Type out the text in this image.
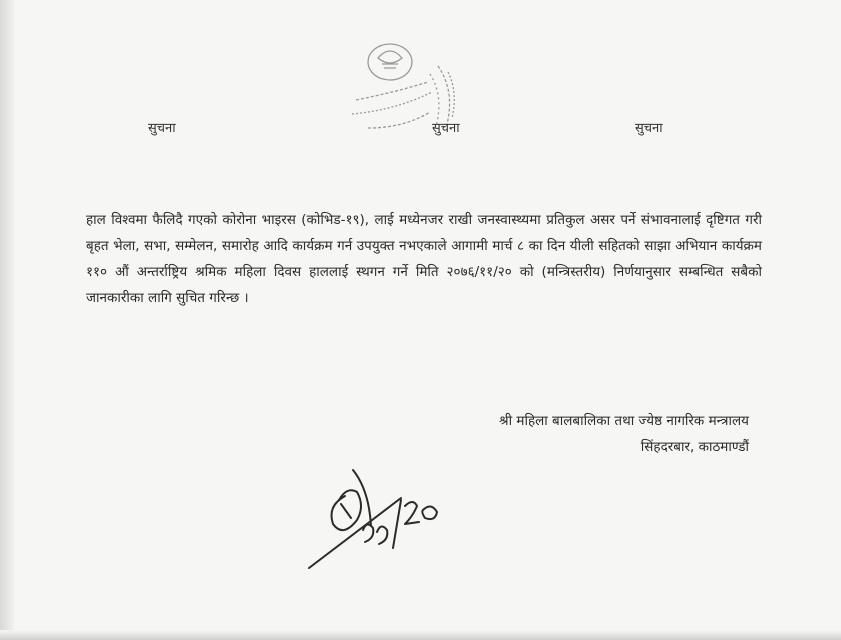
सुचना	सुचना	सुचना

हाल विश्वमा फैलिदै गएको कोरोना भाइरस (कोभिड-१९), लाई मध्येनजर राखी जनस्वास्थ्यमा प्रतिकुल असर पर्ने संभावनालाई दृष्टिगत गरी बृहत भेला, सभा, सम्मेलन, समारोह आदि कार्यक्रम गर्न उपयुक्त नभएकाले आगामी मार्च ८ का दिन यीली सहितको साझा अभियान कार्यक्रम ११० औं अन्तर्राष्ट्रिय श्रमिक महिला दिवस हाललाई स्थगन गर्ने मिति २०७६/११/२० को (मन्त्रिस्तरीय) निर्णयानुसार सम्बन्धित सबैको जानकारीका लागि सुचित गरिन्छ ।

श्री महिला बालबालिका तथा ज्येष्ठ नागरिक मन्त्रालय
सिंहदरबार, काठमाण्डौं
